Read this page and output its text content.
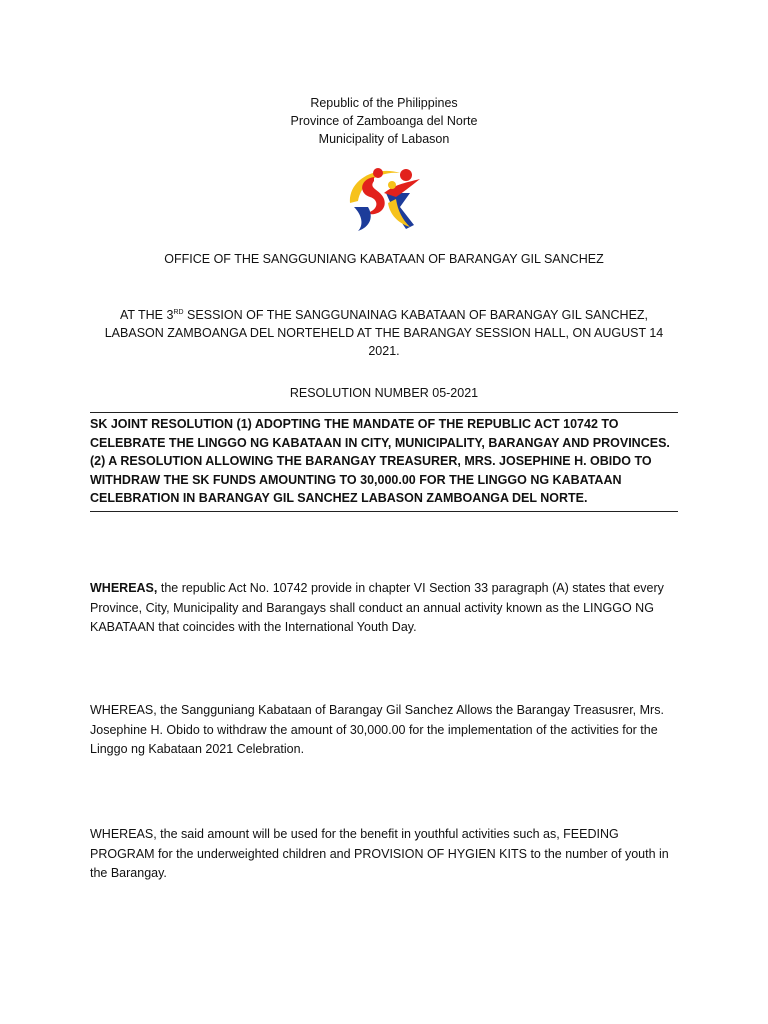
Republic of the Philippines
Province of Zamboanga del Norte
Municipality of Labason
OFFICE OF THE SANGGUNIANG KABATAAN OF BARANGAY GIL SANCHEZ
AT THE 3RD SESSION OF THE SANGGUNAINAG KABATAAN OF BARANGAY GIL SANCHEZ, LABASON ZAMBOANGA DEL NORTEHELD AT THE BARANGAY SESSION HALL, ON AUGUST 14 2021.
RESOLUTION NUMBER 05-2021
SK JOINT RESOLUTION (1) ADOPTING THE MANDATE OF THE REPUBLIC ACT 10742 TO CELEBRATE THE LINGGO NG KABATAAN IN CITY, MUNICIPALITY, BARANGAY AND PROVINCES. (2) A RESOLUTION ALLOWING THE BARANGAY TREASURER, MRS. JOSEPHINE H. OBIDO TO WITHDRAW THE SK FUNDS AMOUNTING TO 30,000.00 FOR THE LINGGO NG KABATAAN CELEBRATION IN BARANGAY GIL SANCHEZ LABASON ZAMBOANGA DEL NORTE.
WHEREAS, the republic Act No. 10742 provide in chapter VI Section 33 paragraph (A) states that every Province, City, Municipality and Barangays shall conduct an annual activity known as the LINGGO NG KABATAAN that coincides with the International Youth Day.
WHEREAS, the Sangguniang Kabataan of Barangay Gil Sanchez Allows the Barangay Treasusrer, Mrs. Josephine H. Obido to withdraw the amount of 30,000.00 for the implementation of the activities for the Linggo ng Kabataan 2021 Celebration.
WHEREAS, the said amount will be used for the benefit in youthful activities such as, FEEDING PROGRAM for the underweighted children and PROVISION OF HYGIEN KITS to the number of youth in the Barangay.
